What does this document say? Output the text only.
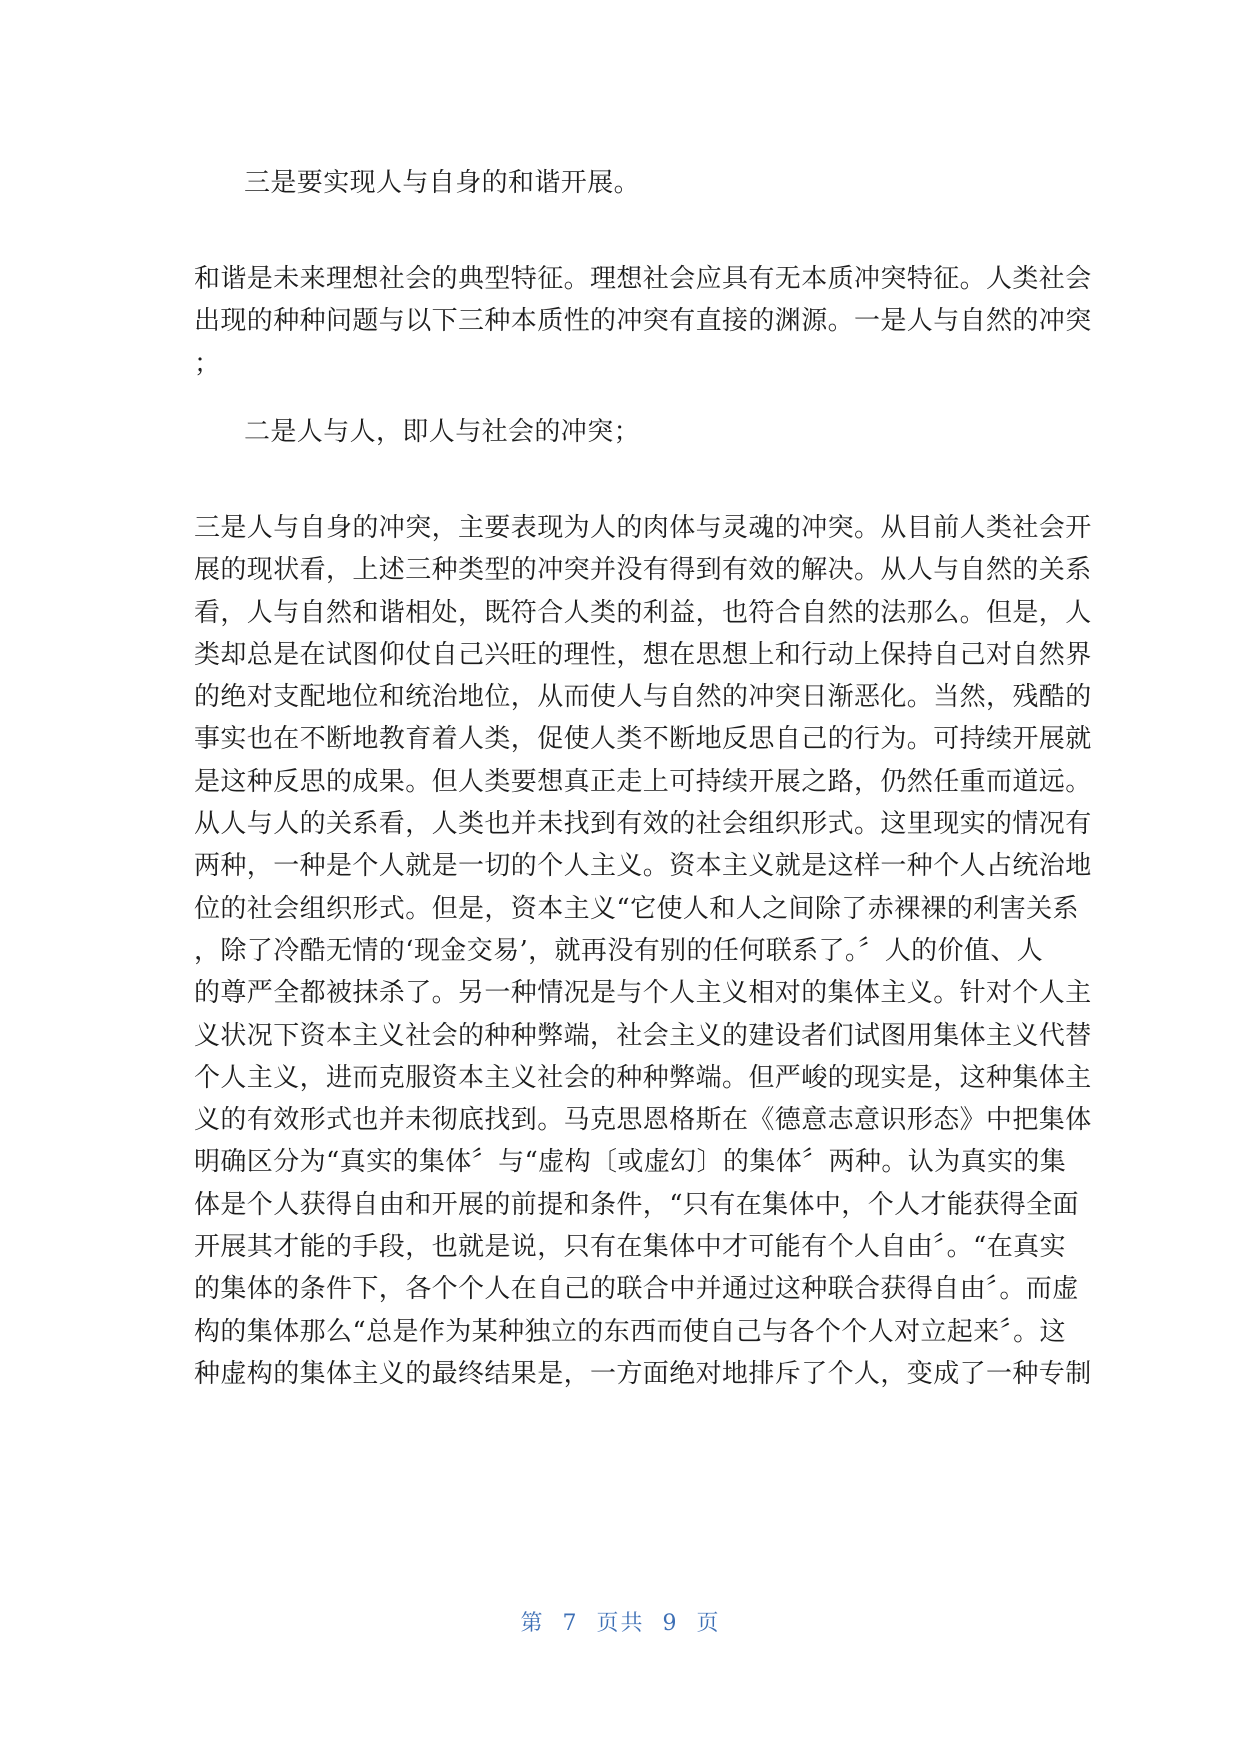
三是要实现人与自身的和谐开展。
和谐是未来理想社会的典型特征。理想社会应具有无本质冲突特征。人类社会
出现的种种问题与以下三种本质性的冲突有直接的渊源。一是人与自然的冲突
；
二是人与人，即人与社会的冲突；
三是人与自身的冲突，主要表现为人的肉体与灵魂的冲突。从目前人类社会开
展的现状看，上述三种类型的冲突并没有得到有效的解决。从人与自然的关系
看，人与自然和谐相处，既符合人类的利益，也符合自然的法那么。但是，人
类却总是在试图仰仗自己兴旺的理性，想在思想上和行动上保持自己对自然界
的绝对支配地位和统治地位，从而使人与自然的冲突日渐恶化。当然，残酷的
事实也在不断地教育着人类，促使人类不断地反思自己的行为。可持续开展就
是这种反思的成果。但人类要想真正走上可持续开展之路，仍然任重而道远。
从人与人的关系看，人类也并未找到有效的社会组织形式。这里现实的情况有
两种，一种是个人就是一切的个人主义。资本主义就是这样一种个人占统治地
位的社会组织形式。但是，资本主义“它使人和人之间除了赤裸裸的利害关系
，除了冷酷无情的‘现金交易’，就再没有别的任何联系了。〞人的价值、人
的尊严全都被抹杀了。另一种情况是与个人主义相对的集体主义。针对个人主
义状况下资本主义社会的种种弊端，社会主义的建设者们试图用集体主义代替
个人主义，进而克服资本主义社会的种种弊端。但严峻的现实是，这种集体主
义的有效形式也并未彻底找到。马克思恩格斯在《德意志意识形态》中把集体
明确区分为“真实的集体〞与“虚构〔或虚幻〕的集体〞两种。认为真实的集
体是个人获得自由和开展的前提和条件，“只有在集体中，个人才能获得全面
开展其才能的手段，也就是说，只有在集体中才可能有个人自由〞。“在真实
的集体的条件下，各个个人在自己的联合中并通过这种联合获得自由〞。而虚
构的集体那么“总是作为某种独立的东西而使自己与各个个人对立起来〞。这
种虚构的集体主义的最终结果是，一方面绝对地排斥了个人，变成了一种专制
第 7 页共 9 页
